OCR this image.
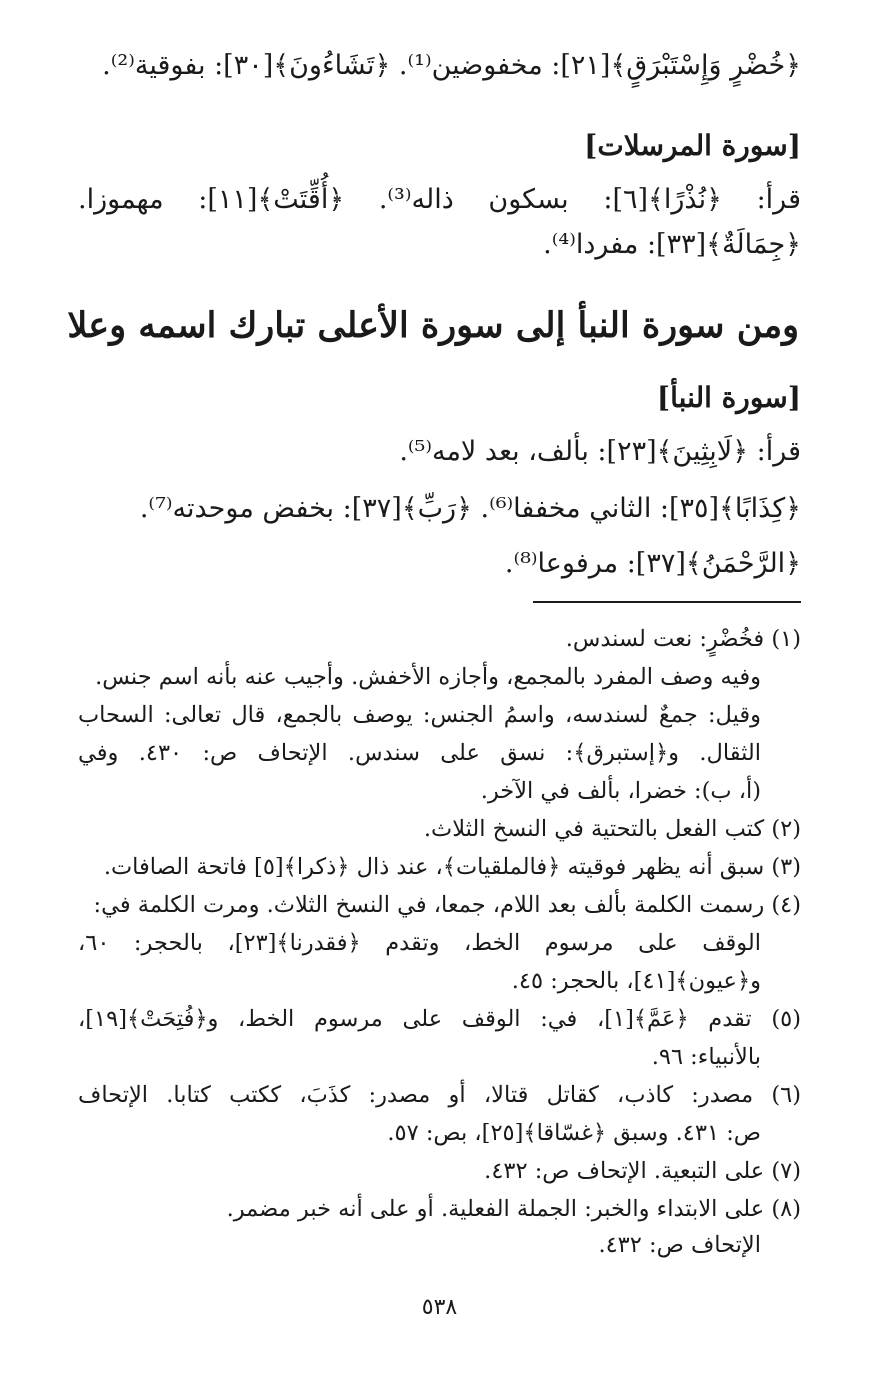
﴿خُضْرٍ وَإِسْتَبْرَقٍ﴾[٢١]: مخفوضين⁽¹⁾. ﴿تَشَاءُونَ﴾[٣٠]: بفوقية⁽²⁾.
[سورة المرسلات]
قرأ: ﴿نُذْرًا﴾[٦]: بسكون ذاله⁽³⁾. ﴿أُقِّتَتْ﴾[١١]: مهموزا.
﴿جِمَالَةٌ﴾[٣٣]: مفردا⁽⁴⁾.
ومن سورة النبأ إلى سورة الأعلى تبارك اسمه وعلا
[سورة النبأ]
قرأ: ﴿لَابِثِينَ﴾[٢٣]: بألف، بعد لامه⁽⁵⁾.
﴿كِذَابًا﴾[٣٥]: الثاني مخففا⁽⁶⁾. ﴿رَبِّ﴾[٣٧]: بخفض موحدته⁽⁷⁾.
﴿الرَّحْمَنُ﴾[٣٧]: مرفوعا⁽⁸⁾.
(١) فخُضْرٍ: نعت لسندس.
وفيه وصف المفرد بالمجمع، وأجازه الأخفش. وأجيب عنه بأنه اسم جنس.
وقيل: جمعٌ لسندسه، واسمُ الجنس: يوصف بالجمع، قال تعالى: السحاب
الثقال. و﴿إستبرق﴾: نسق على سندس. الإتحاف ص: ٤٣٠. وفي
(أ، ب): خضرا، بألف في الآخر.
(٢) كتب الفعل بالتحتية في النسخ الثلاث.
(٣) سبق أنه يظهر فوقيته ﴿فالملقيات﴾، عند ذال ﴿ذكرا﴾[٥] فاتحة الصافات.
(٤) رسمت الكلمة بألف بعد اللام، جمعا، في النسخ الثلاث. ومرت الكلمة في:
الوقف على مرسوم الخط، وتقدم ﴿فقدرنا﴾[٢٣]، بالحجر: ٦٠،
و﴿عيون﴾[٤١]، بالحجر: ٤٥.
(٥) تقدم ﴿عَمَّ﴾[١]، في: الوقف على مرسوم الخط، و﴿فُتِحَتْ﴾[١٩]،
بالأنبياء: ٩٦.
(٦) مصدر: كاذب، كقاتل قتالا، أو مصدر: كذَبَ، ككتب كتابا. الإتحاف
ص: ٤٣١. وسبق ﴿غسّاقا﴾[٢٥]، بص: ٥٧.
(٧) على التبعية. الإتحاف ص: ٤٣٢.
(٨) على الابتداء والخبر: الجملة الفعلية. أو على أنه خبر مضمر.
الإتحاف ص: ٤٣٢.
٥٣٨
